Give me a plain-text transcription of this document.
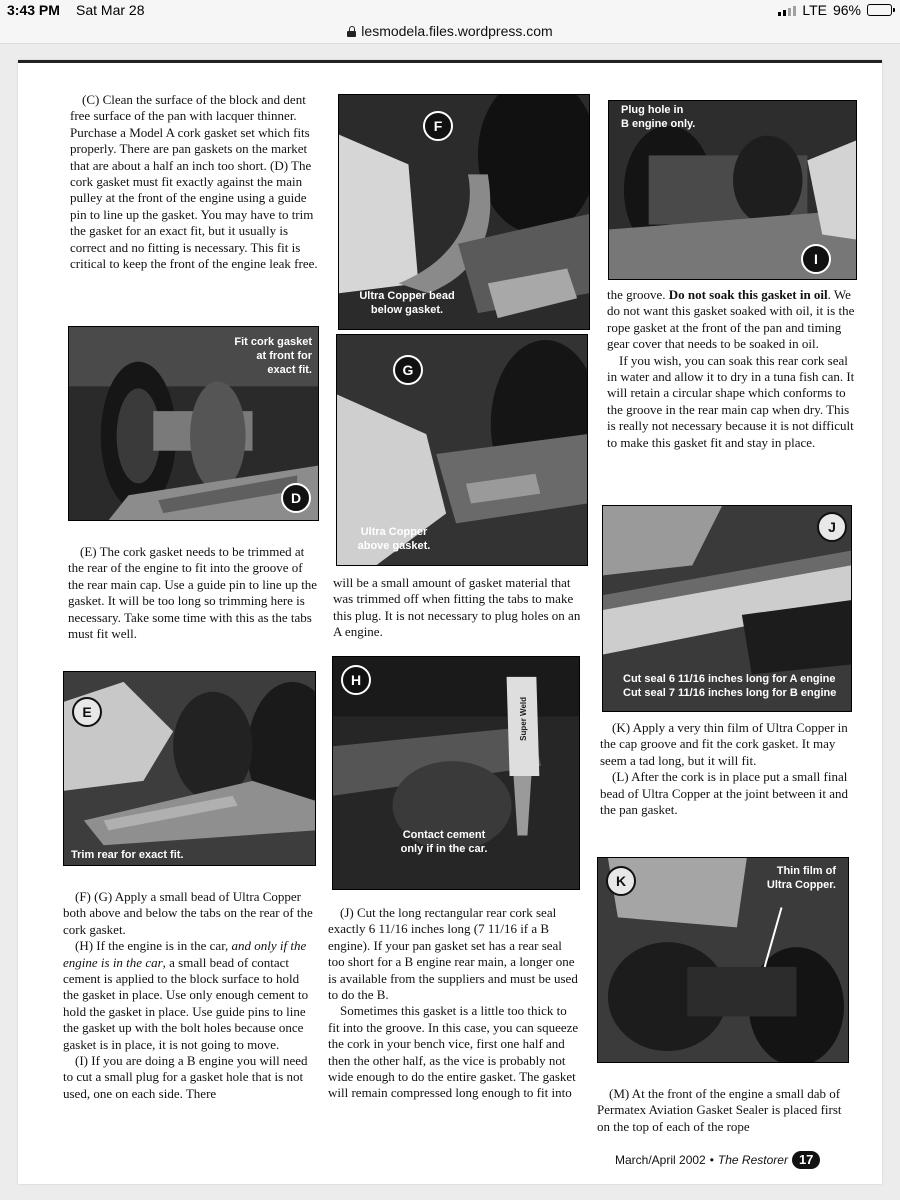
3:43 PM Sat Mar 28	LTE 96%
lesmodela.files.wordpress.com

(C) Clean the surface of the block and dent free surface of the pan with lacquer thinner. Purchase a Model A cork gasket set which fits properly. There are pan gaskets on the market that are about a half an inch too short. (D) The cork gasket must fit exactly against the main pulley at the front of the engine using a guide pin to line up the gasket. You may have to trim the gasket for an exact fit, but it usually is correct and no fitting is necessary. This fit is critical to keep the front of the engine leak free.

Fit cork gasket
at front for
exact fit.
D

(E) The cork gasket needs to be trimmed at the rear of the engine to fit into the groove of the rear main cap. Use a guide pin to line up the gasket. It will be too long so trimming here is necessary. Take some time with this as the tabs must fit well.

E
Trim rear for exact fit.

(F) (G) Apply a small bead of Ultra Copper both above and below the tabs on the rear of the cork gasket.

(H) If the engine is in the car, and only if the engine is in the car, a small bead of contact cement is applied to the block surface to hold the gasket in place. Use only enough cement to hold the gasket in place. Use guide pins to line the gasket up with the bolt holes because once gasket is in place, it is not going to move.

(I) If you are doing a B engine you will need to cut a small plug for a gasket hole that is not used, one on each side. There

F
Ultra Copper bead
below gasket.
G
Ultra Copper
above gasket.

will be a small amount of gasket material that was trimmed off when fitting the tabs to make this plug. It is not necessary to plug holes on an A engine.

Super Weld
H
Contact cement
only if in the car.

(J) Cut the long rectangular rear cork seal exactly 6 11/16 inches long (7 11/16 if a B engine). If your pan gasket set has a rear seal too short for a B engine rear main, a longer one is available from the suppliers and must be used to do the B.

Sometimes this gasket is a little too thick to fit into the groove. In this case, you can squeeze the cork in your bench vice, first one half and then the other half, as the vice is probably not wide enough to do the entire gasket. The gasket will remain compressed long enough to fit into

Plug hole in
B engine only.
I

the groove. Do not soak this gasket in oil. We do not want this gasket soaked with oil, it is the rope gasket at the front of the pan and timing gear cover that needs to be soaked in oil.

If you wish, you can soak this rear cork seal in water and allow it to dry in a tuna fish can. It will retain a circular shape which conforms to the groove in the rear main cap when dry. This is really not necessary because it is not difficult to make this gasket fit and stay in place.

J
Cut seal 6 11/16 inches long for A engine
Cut seal 7 11/16 inches long for B engine

(K) Apply a very thin film of Ultra Copper in the cap groove and fit the cork gasket. It may seem a tad long, but it will fit.

(L) After the cork is in place put a small final bead of Ultra Copper at the joint between it and the pan gasket.

K
Thin film of
Ultra Copper.

(M) At the front of the engine a small dab of Permatex Aviation Gasket Sealer is placed first on the top of each of the rope

March/April 2002 • The Restorer 17
